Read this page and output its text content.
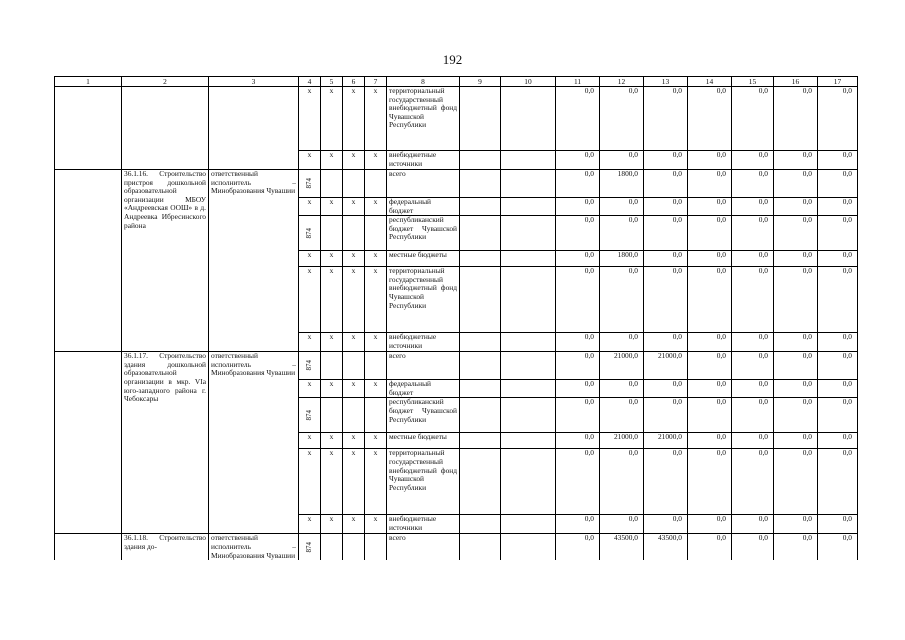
192
1	2	3	4	5	6	7	8	9	10	11	12	13	14	15	16	17
			х	х	х	х	территориальный государственный внебюджетный фонд Чувашской Республики			0,0	0,0	0,0	0,0	0,0	0,0	0,0
			х	х	х	х	внебюджетные источники			0,0	0,0	0,0	0,0	0,0	0,0	0,0
	36.1.16. Строительство пристроя дошкольной образовательной организации МБОУ «Андреевская ООШ» в д. Андреевка Ибресинского района	ответственный исполнитель – Минобразования Чувашии	874				всего			0,0	1800,0	0,0	0,0	0,0	0,0	0,0
			х	х	х	х	федеральный бюджет			0,0	0,0	0,0	0,0	0,0	0,0	0,0
			874				республиканский бюджет Чувашской Республики			0,0	0,0	0,0	0,0	0,0	0,0	0,0
			х	х	х	х	местные бюджеты			0,0	1800,0	0,0	0,0	0,0	0,0	0,0
			х	х	х	х	территориальный государственный внебюджетный фонд Чувашской Республики			0,0	0,0	0,0	0,0	0,0	0,0	0,0
			х	х	х	х	внебюджетные источники			0,0	0,0	0,0	0,0	0,0	0,0	0,0
	36.1.17. Строительство здания дошкольной образовательной организации в мкр. VIа юго-западного района г. Чебоксары	ответственный исполнитель – Минобразования Чувашии	874				всего			0,0	21000,0	21000,0	0,0	0,0	0,0	0,0
			х	х	х	х	федеральный бюджет			0,0	0,0	0,0	0,0	0,0	0,0	0,0
			874				республиканский бюджет Чувашской Республики			0,0	0,0	0,0	0,0	0,0	0,0	0,0
			х	х	х	х	местные бюджеты			0,0	21000,0	21000,0	0,0	0,0	0,0	0,0
			х	х	х	х	территориальный государственный внебюджетный фонд Чувашской Республики			0,0	0,0	0,0	0,0	0,0	0,0	0,0
			х	х	х	х	внебюджетные источники			0,0	0,0	0,0	0,0	0,0	0,0	0,0
	36.1.18. Строительство здания до-	ответственный исполнитель – Минобразования Чувашии	874				всего			0,0	43500,0	43500,0	0,0	0,0	0,0	0,0
